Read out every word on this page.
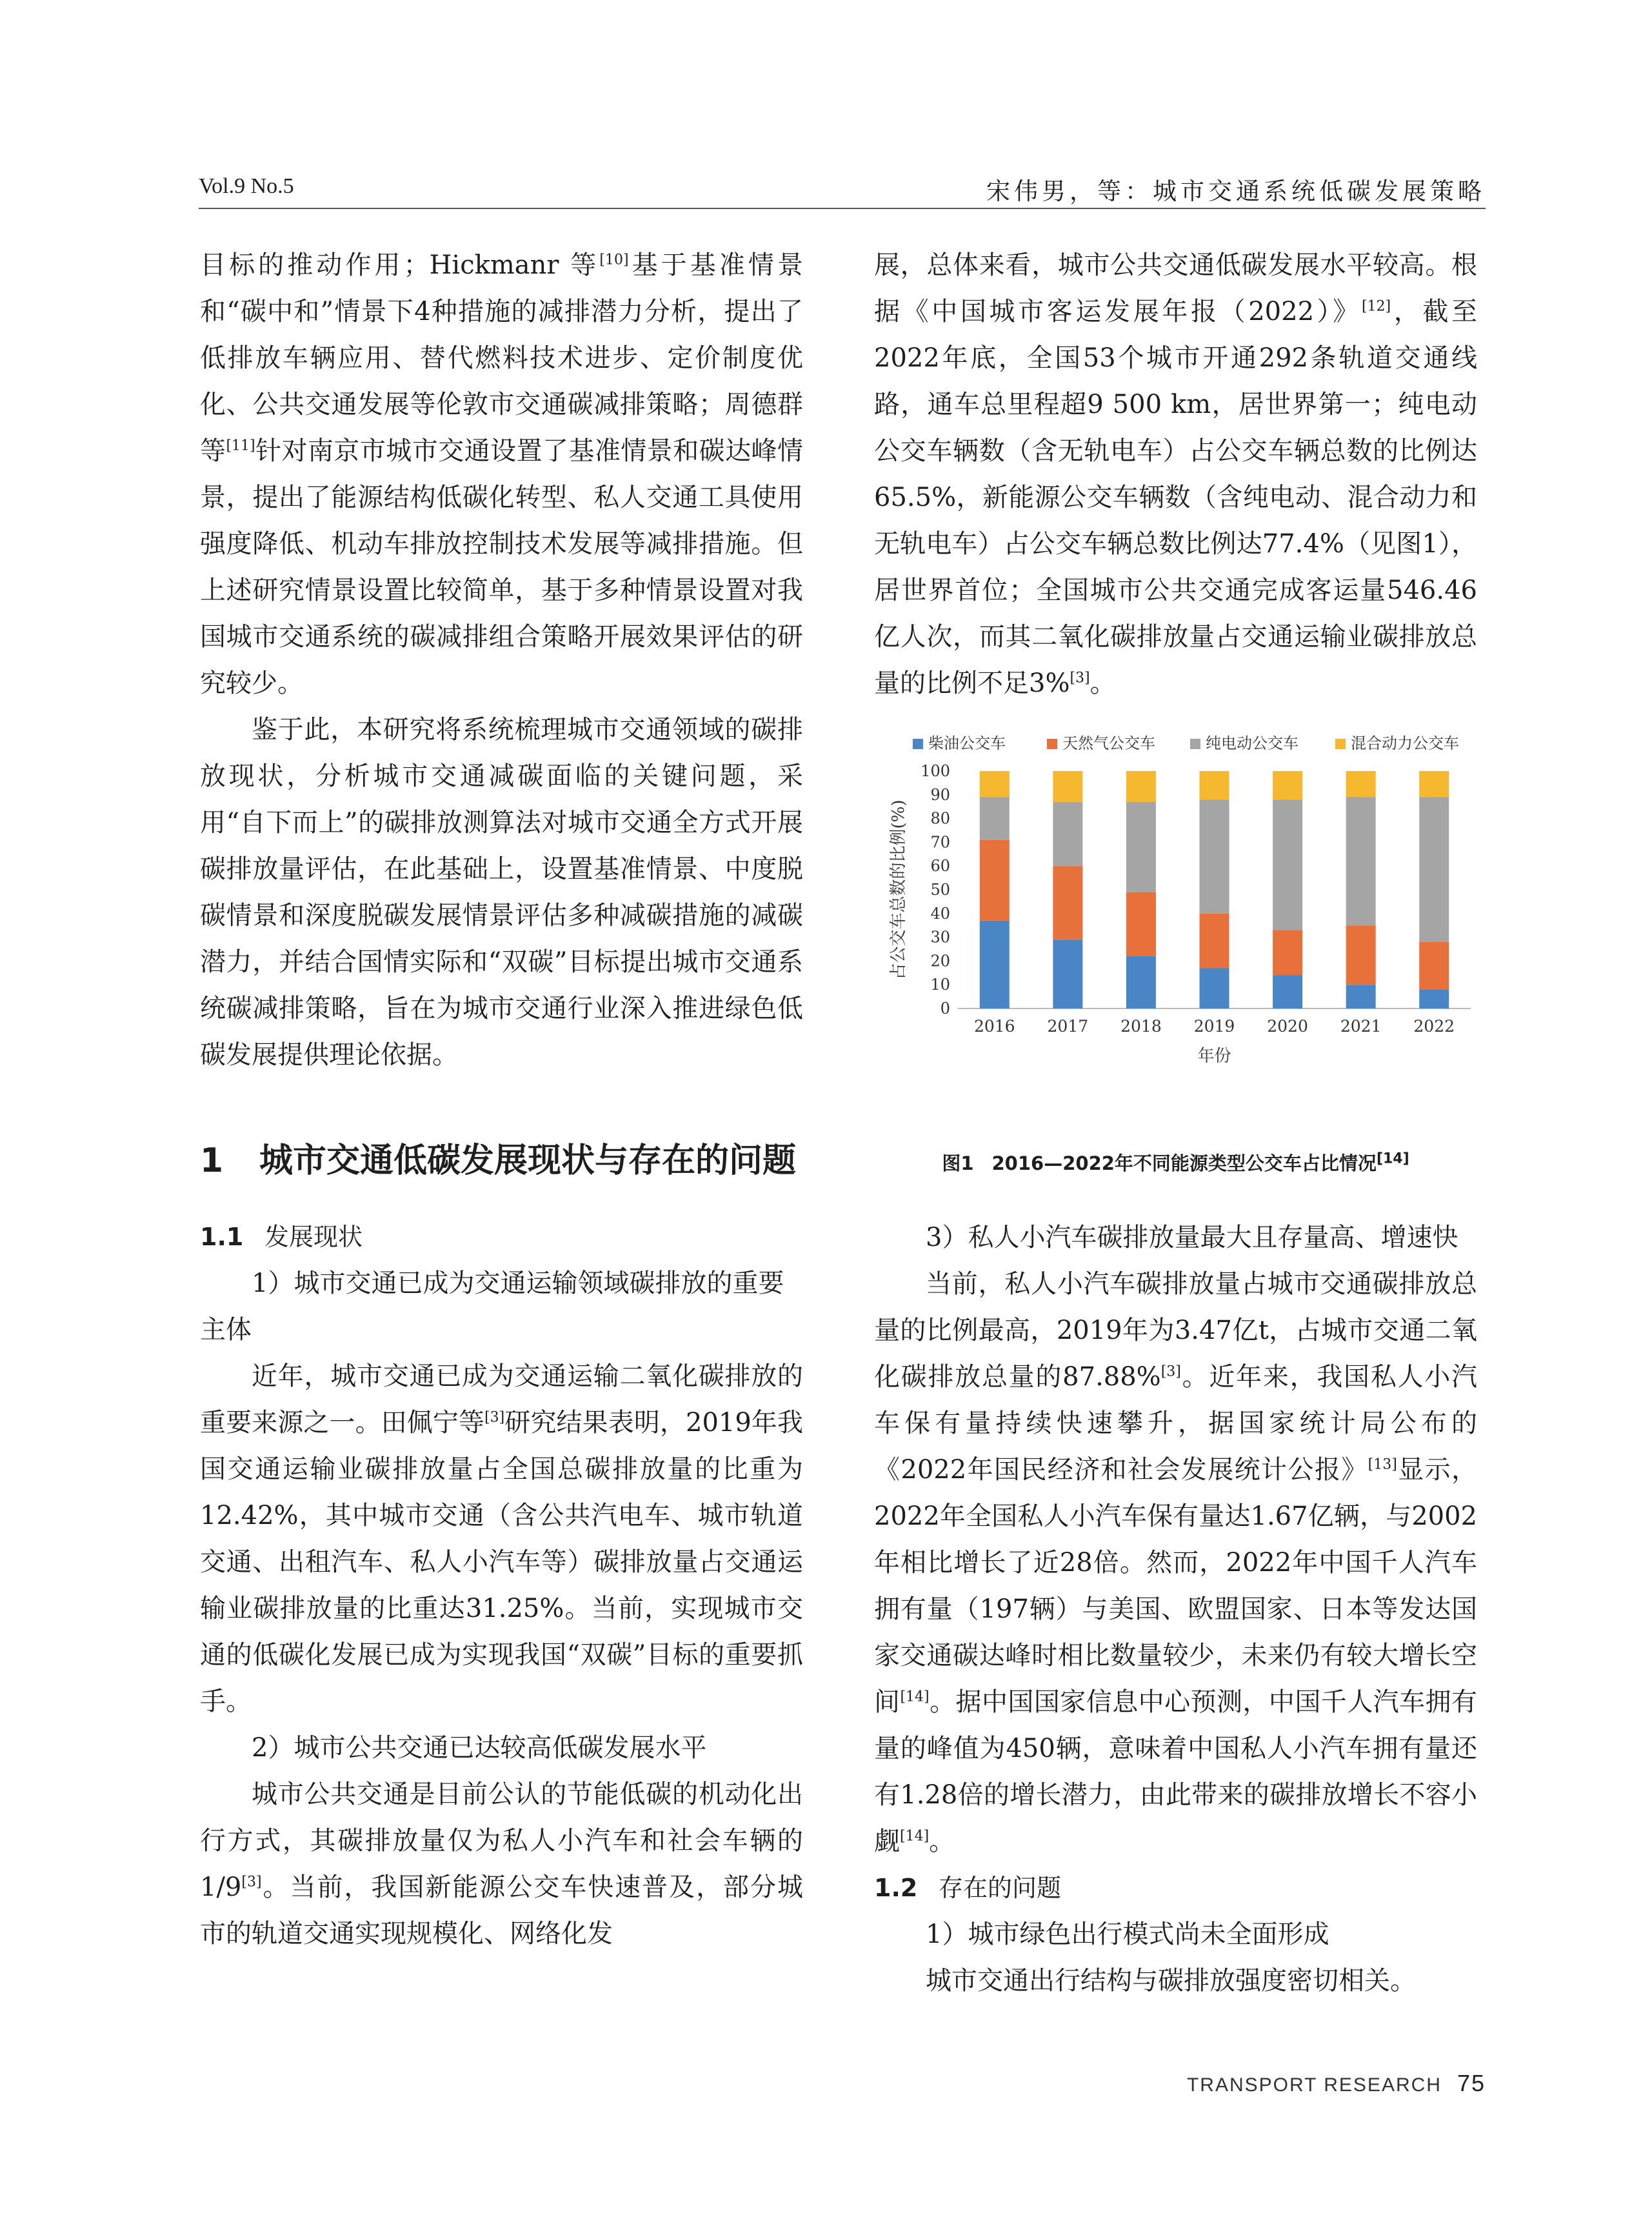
Vol.9 No.5	宋伟男，等：城市交通系统低碳发展策略

目标的推动作用；Hickmanr 等[10]基于基准情景和“碳中和”情景下4种措施的减排潜力分析，提出了低排放车辆应用、替代燃料技术进步、定价制度优化、公共交通发展等伦敦市交通碳减排策略；周德群等[11]针对南京市城市交通设置了基准情景和碳达峰情景，提出了能源结构低碳化转型、私人交通工具使用强度降低、机动车排放控制技术发展等减排措施。但上述研究情景设置比较简单，基于多种情景设置对我国城市交通系统的碳减排组合策略开展效果评估的研究较少。

鉴于此，本研究将系统梳理城市交通领域的碳排放现状，分析城市交通减碳面临的关键问题，采用“自下而上”的碳排放测算法对城市交通全方式开展碳排放量评估，在此基础上，设置基准情景、中度脱碳情景和深度脱碳发展情景评估多种减碳措施的减碳潜力，并结合国情实际和“双碳”目标提出城市交通系统碳减排策略，旨在为城市交通行业深入推进绿色低碳发展提供理论依据。

1 城市交通低碳发展现状与存在的问题
1.1 发展现状

1）城市交通已成为交通运输领域碳排放的重要主体

近年，城市交通已成为交通运输二氧化碳排放的重要来源之一。田佩宁等[3]研究结果表明，2019年我国交通运输业碳排放量占全国总碳排放量的比重为12.42%，其中城市交通（含公共汽电车、城市轨道交通、出租汽车、私人小汽车等）碳排放量占交通运输业碳排放量的比重达31.25%。当前，实现城市交通的低碳化发展已成为实现我国“双碳”目标的重要抓手。

2）城市公共交通已达较高低碳发展水平

城市公共交通是目前公认的节能低碳的机动化出行方式，其碳排放量仅为私人小汽车和社会车辆的1/9[3]。当前，我国新能源公交车快速普及，部分城市的轨道交通实现规模化、网络化发

展，总体来看，城市公共交通低碳发展水平较高。根据《中国城市客运发展年报（2022）》[12]，截至2022年底，全国53个城市开通292条轨道交通线路，通车总里程超9 500 km，居世界第一；纯电动公交车辆数（含无轨电车）占公交车辆总数的比例达65.5%，新能源公交车辆数（含纯电动、混合动力和无轨电车）占公交车辆总数比例达77.4%（见图1），居世界首位；全国城市公共交通完成客运量546.46亿人次，而其二氧化碳排放量占交通运输业碳排放总量的比例不足3%[3]。

柴油公交车	天然气公交车	纯电动公交车	混合动力公交车
0
10
20
30
40
50
60
70
80
90
100
占公交车总数的比例(%)
2016 2017 2018 2019 2020 2021 2022
年份
图1 2016—2022年不同能源类型公交车占比情况[14]

3）私人小汽车碳排放量最大且存量高、增速快

当前，私人小汽车碳排放量占城市交通碳排放总量的比例最高，2019年为3.47亿t，占城市交通二氧化碳排放总量的87.88%[3]。近年来，我国私人小汽车保有量持续快速攀升，据国家统计局公布的《2022年国民经济和社会发展统计公报》[13]显示，2022年全国私人小汽车保有量达1.67亿辆，与2002年相比增长了近28倍。然而，2022年中国千人汽车拥有量（197辆）与美国、欧盟国家、日本等发达国家交通碳达峰时相比数量较少，未来仍有较大增长空间[14]。据中国国家信息中心预测，中国千人汽车拥有量的峰值为450辆，意味着中国私人小汽车拥有量还有1.28倍的增长潜力，由此带来的碳排放增长不容小觑[14]。

1.2 存在的问题

1）城市绿色出行模式尚未全面形成

城市交通出行结构与碳排放强度密切相关。

TRANSPORT RESEARCH 75
